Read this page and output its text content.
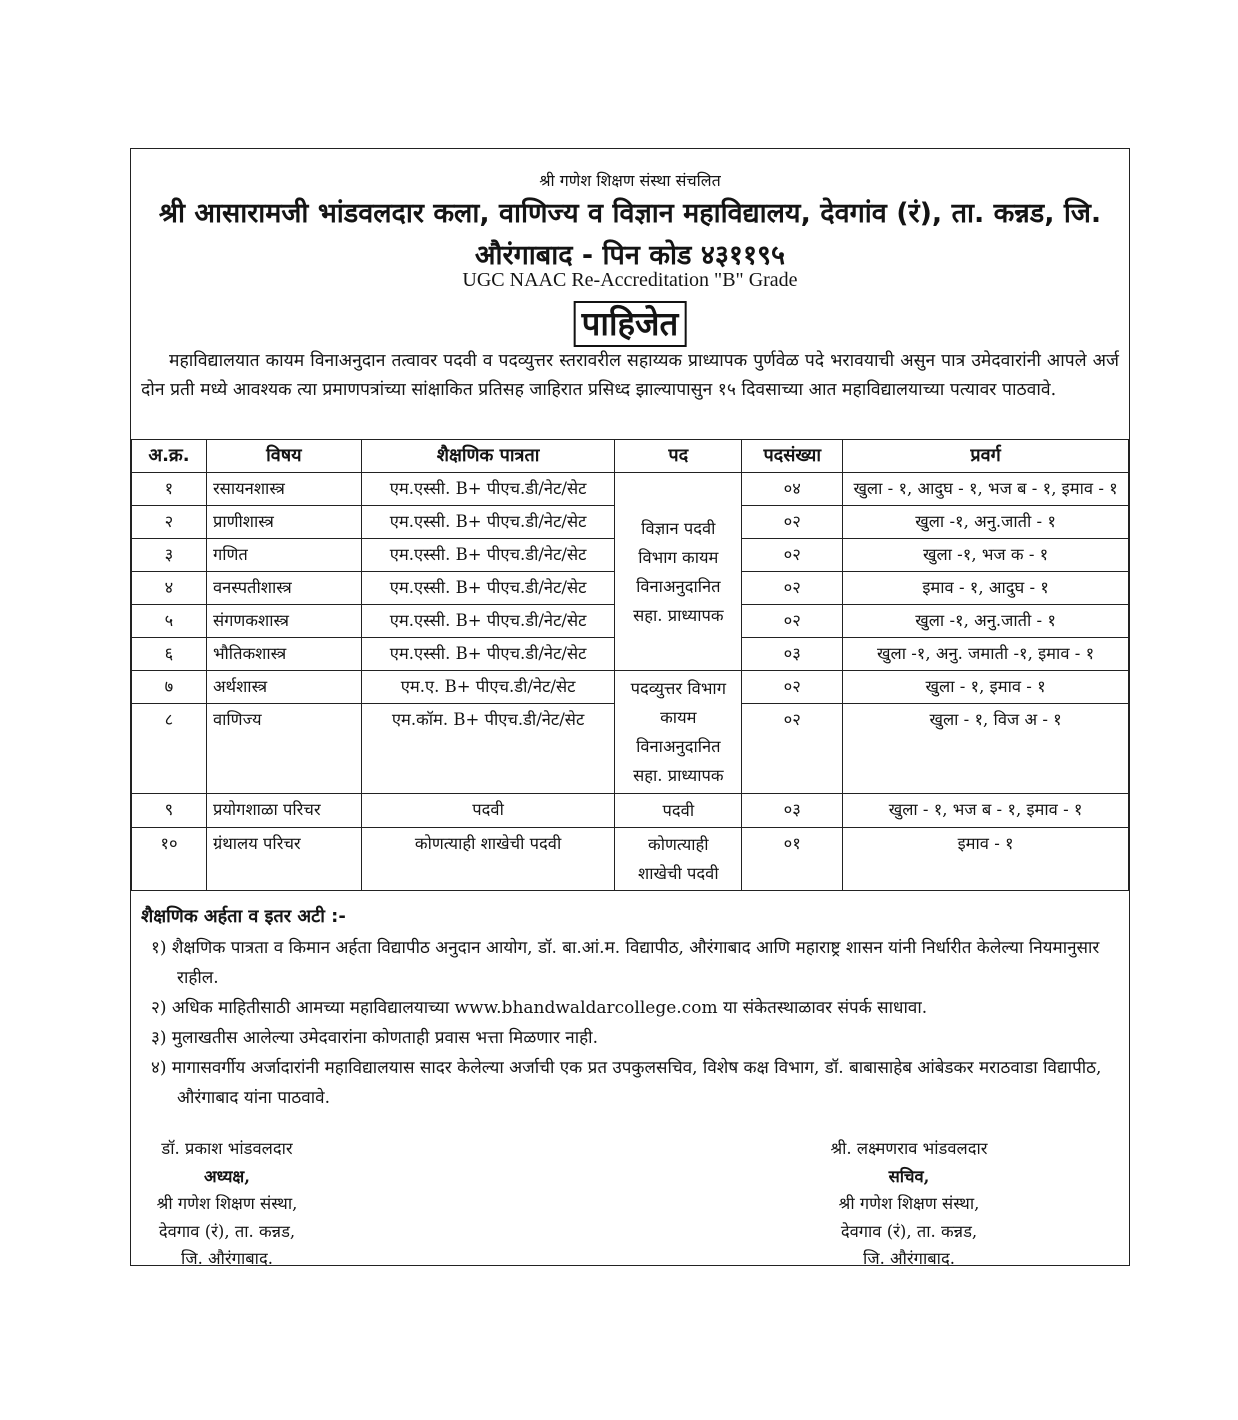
श्री गणेश शिक्षण संस्था संचलित
श्री आसारामजी भांडवलदार कला, वाणिज्य व विज्ञान महाविद्यालय, देवगांव (रं), ता. कन्नड, जि.
औरंगाबाद - पिन कोड ४३११९५
UGC NAAC Re-Accreditation "B" Grade
पाहिजेत
महाविद्यालयात कायम विनाअनुदान तत्वावर पदवी व पदव्युत्तर स्तरावरील सहाय्यक प्राध्यापक पुर्णवेळ पदे भरावयाची असुन पात्र उमेदवारांनी आपले अर्ज दोन प्रती मध्ये आवश्यक त्या प्रमाणपत्रांच्या सांक्षाकित प्रतिसह जाहिरात प्रसिध्द झाल्यापासुन १५ दिवसाच्या आत महाविद्यालयाच्या पत्यावर पाठवावे.
अ.क्र.	विषय	शैक्षणिक पात्रता	पद	पदसंख्या	प्रवर्ग
१	रसायनशास्त्र	एम.एस्सी. B+ पीएच.डी/नेट/सेट	विज्ञान पदवी विभाग कायम विनाअनुदानित सहा. प्राध्यापक	०४	खुला - १, आदुघ - १, भज ब - १, इमाव - १
२	प्राणीशास्त्र	एम.एस्सी. B+ पीएच.डी/नेट/सेट		०२	खुला -१, अनु.जाती - १
३	गणित	एम.एस्सी. B+ पीएच.डी/नेट/सेट		०२	खुला -१, भज क - १
४	वनस्पतीशास्त्र	एम.एस्सी. B+ पीएच.डी/नेट/सेट		०२	इमाव - १, आदुघ - १
५	संगणकशास्त्र	एम.एस्सी. B+ पीएच.डी/नेट/सेट		०२	खुला -१, अनु.जाती - १
६	भौतिकशास्त्र	एम.एस्सी. B+ पीएच.डी/नेट/सेट		०३	खुला -१, अनु. जमाती -१, इमाव - १
७	अर्थशास्त्र	एम.ए. B+ पीएच.डी/नेट/सेट	पदव्युत्तर विभाग कायम विनाअनुदानित सहा. प्राध्यापक	०२	खुला - १, इमाव - १
८	वाणिज्य	एम.कॉम. B+ पीएच.डी/नेट/सेट		०२	खुला - १, विज अ - १
९	प्रयोगशाळा परिचर	पदवी	पदवी	०३	खुला - १, भज ब - १, इमाव - १
१०	ग्रंथालय परिचर	कोणत्याही शाखेची पदवी	कोणत्याही शाखेची पदवी	०१	इमाव - १
शैक्षणिक अर्हता व इतर अटी :-
१) शैक्षणिक पात्रता व किमान अर्हता विद्यापीठ अनुदान आयोग, डॉ. बा.आं.म. विद्यापीठ, औरंगाबाद आणि महाराष्ट्र शासन यांनी निर्धारीत केलेल्या नियमानुसार राहील.
२) अधिक माहितीसाठी आमच्या महाविद्यालयाच्या www.bhandwaldarcollege.com या संकेतस्थाळावर संपर्क साधावा.
३) मुलाखतीस आलेल्या उमेदवारांना कोणताही प्रवास भत्ता मिळणार नाही.
४) मागासवर्गीय अर्जादारांनी महाविद्यालयास सादर केलेल्या अर्जाची एक प्रत उपकुलसचिव, विशेष कक्ष विभाग, डॉ. बाबासाहेब आंबेडकर मराठवाडा विद्यापीठ, औरंगाबाद यांना पाठवावे.
डॉ. प्रकाश भांडवलदार
अध्यक्ष,
श्री गणेश शिक्षण संस्था,
देवगाव (रं), ता. कन्नड,
जि. औरंगाबाद.
श्री. लक्ष्मणराव भांडवलदार
सचिव,
श्री गणेश शिक्षण संस्था,
देवगाव (रं), ता. कन्नड,
जि. औरंगाबाद.
